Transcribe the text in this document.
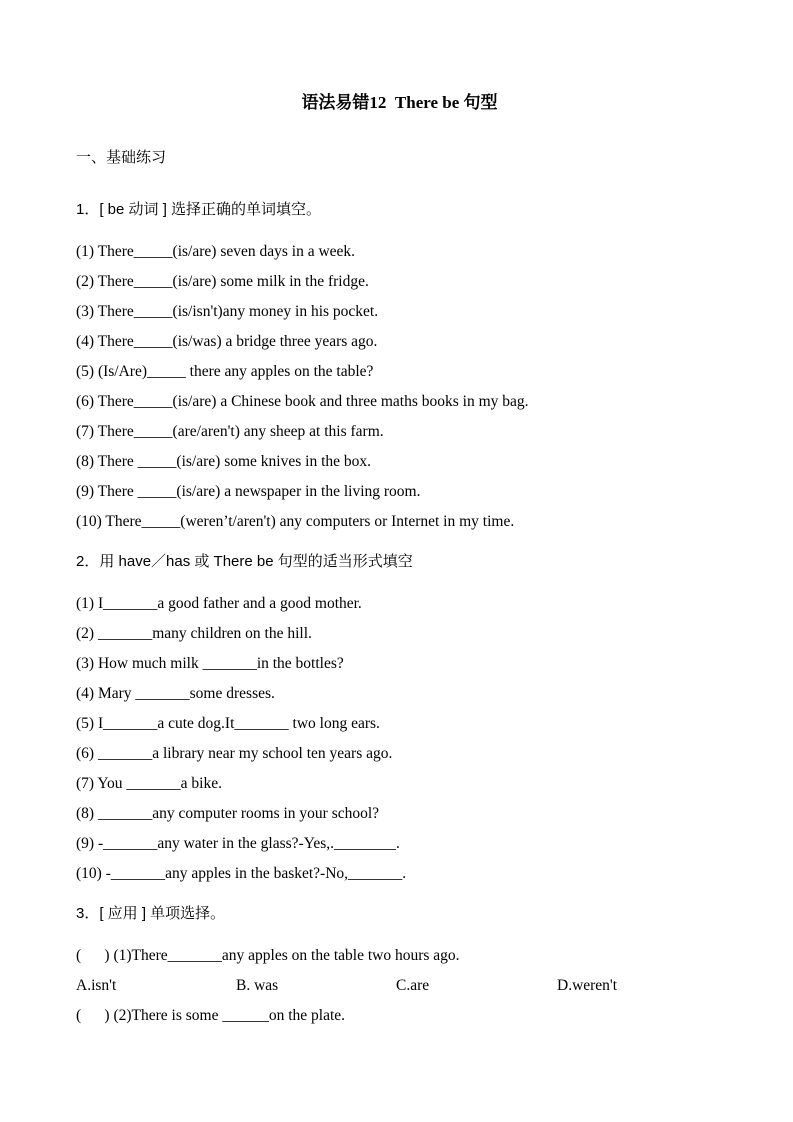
语法易错12  There be 句型
一、基础练习
1．[ be 动词 ] 选择正确的单词填空。
(1) There_____(is/are) seven days in a week.
(2) There_____(is/are) some milk in the fridge.
(3) There_____(is/isn't)any money in his pocket.
(4) There_____(is/was) a bridge three years ago.
(5) (Is/Are)_____ there any apples on the table?
(6) There_____(is/are) a Chinese book and three maths books in my bag.
(7) There_____(are/aren't) any sheep at this farm.
(8) There _____(is/are) some knives in the box.
(9) There _____(is/are) a newspaper in the living room.
(10) There_____(weren’t/aren't) any computers or Internet in my time.
2．用 have／has 或 There be 句型的适当形式填空
(1) I_______a good father and a good mother.
(2) _______many children on the hill.
(3) How much milk _______in the bottles?
(4) Mary _______some dresses.
(5) I_______a cute dog.It_______ two long ears.
(6) _______a library near my school ten years ago.
(7) You _______a bike.
(8) _______any computer rooms in your school?
(9) -_______any water in the glass?-Yes,.________.
(10) -_______any apples in the basket?-No,_______.
3．[ 应用 ] 单项选择。
(      ) (1)There_______any apples on the table two hours ago.
A.isn't	B. was	C.are	D.weren't
(      ) (2)There is some ______on the plate.
